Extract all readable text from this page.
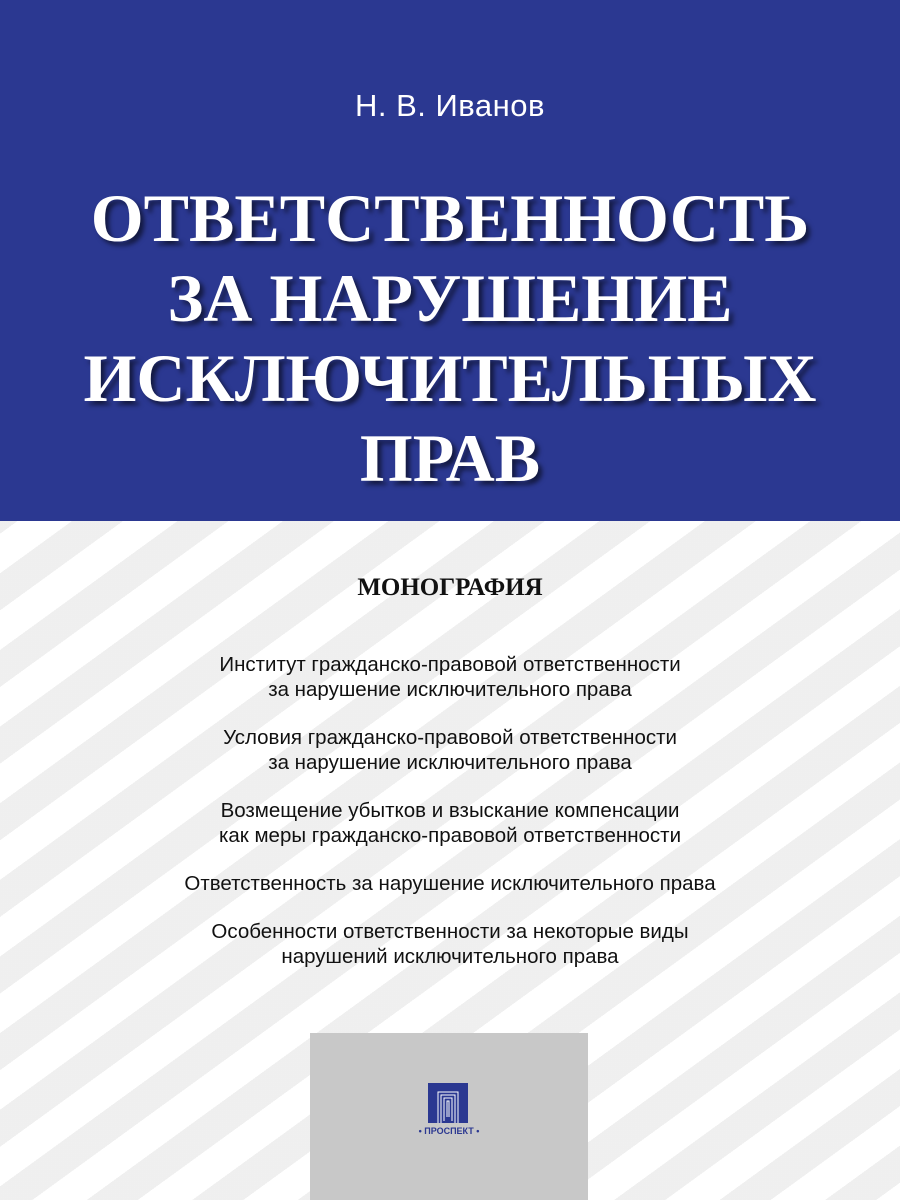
Н. В. Иванов
ОТВЕТСТВЕННОСТЬ
ЗА НАРУШЕНИЕ
ИСКЛЮЧИТЕЛЬНЫХ
ПРАВ
МОНОГРАФИЯ
Институт гражданско-правовой ответственности
за нарушение исключительного права
Условия гражданско-правовой ответственности
за нарушение исключительного права
Возмещение убытков и взыскание компенсации
как меры гражданско-правовой ответственности
Ответственность за нарушение исключительного права
Особенности ответственности за некоторые виды
нарушений исключительного права
• ПРОСПЕКТ •
